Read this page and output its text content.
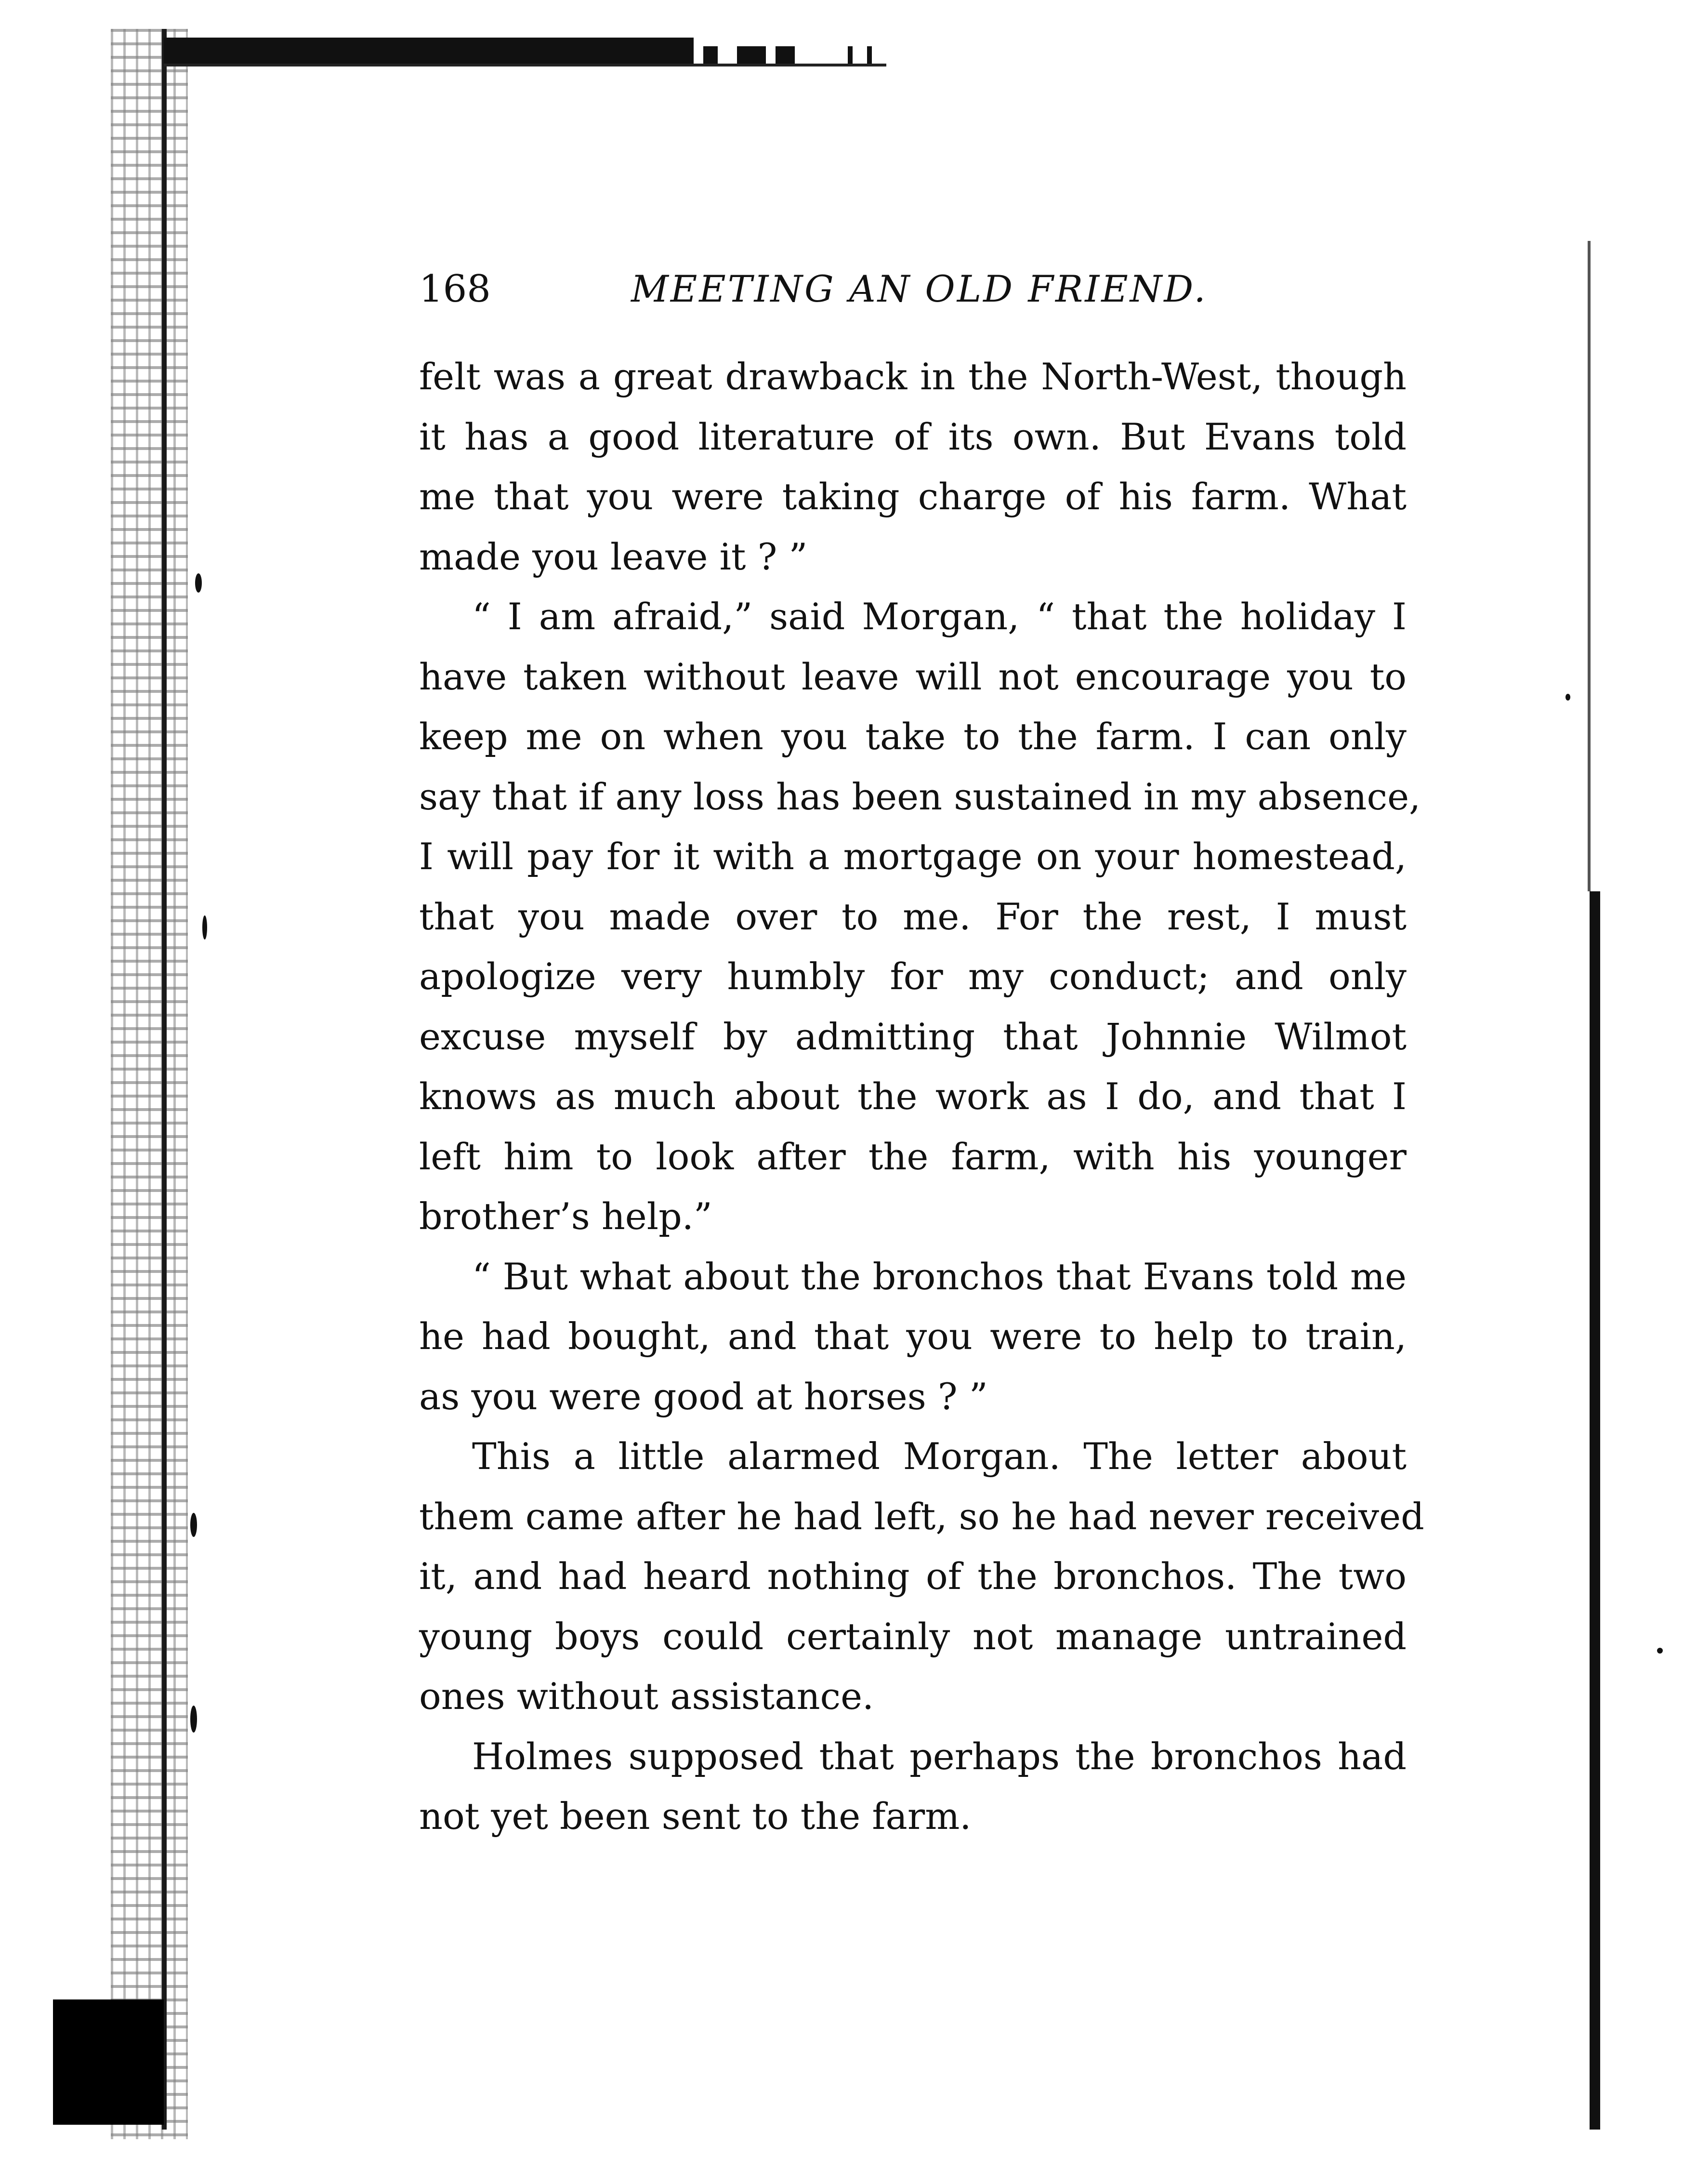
168	MEETING AN OLD FRIEND.
felt was a great drawback in the North-West, though
it has a good literature of its own. But Evans told
me that you were taking charge of his farm. What
made you leave it ? ”
“ I am afraid,” said Morgan, “ that the holiday I
have taken without leave will not encourage you to
keep me on when you take to the farm. I can only
say that if any loss has been sustained in my absence,
I will pay for it with a mortgage on your homestead,
that you made over to me. For the rest, I must
apologize very humbly for my conduct; and only
excuse myself by admitting that Johnnie Wilmot
knows as much about the work as I do, and that I
left him to look after the farm, with his younger
brother’s help.”
“ But what about the bronchos that Evans told me
he had bought, and that you were to help to train,
as you were good at horses ? ”
This a little alarmed Morgan. The letter about
them came after he had left, so he had never received
it, and had heard nothing of the bronchos. The two
young boys could certainly not manage untrained
ones without assistance.
Holmes supposed that perhaps the bronchos had
not yet been sent to the farm.
